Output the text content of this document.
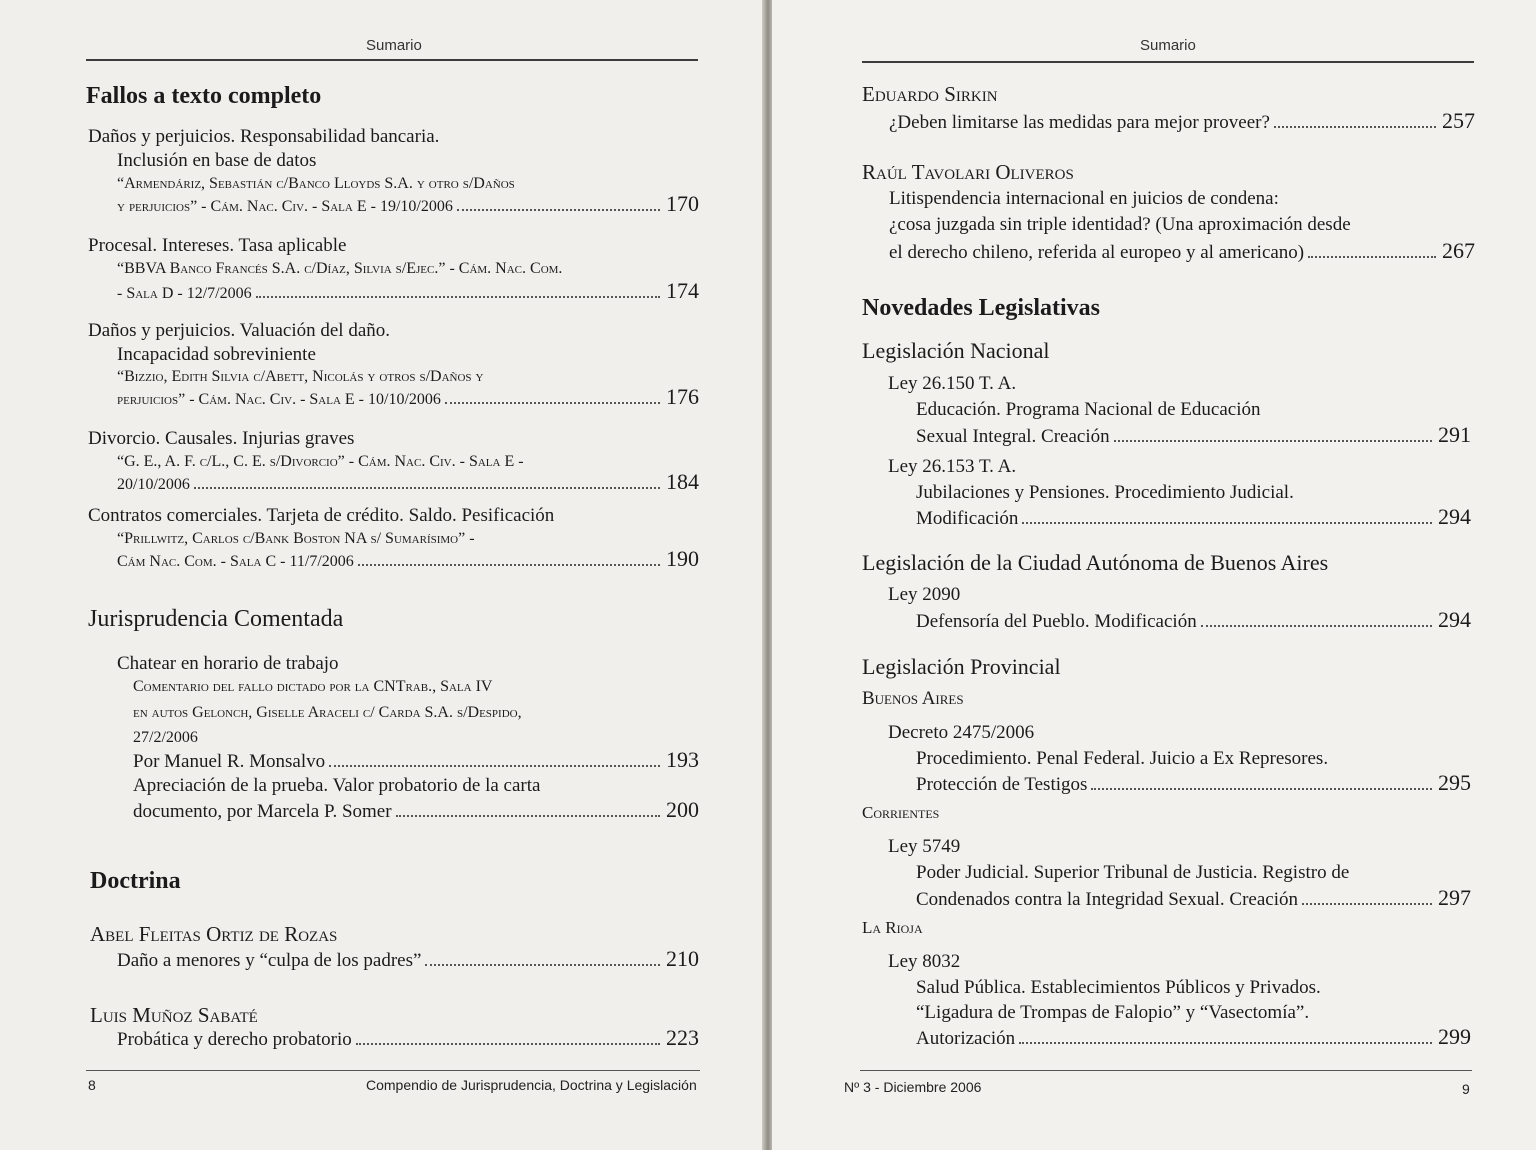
Sumario
Fallos a texto completo
Daños y perjuicios. Responsabilidad bancaria.
Inclusión en base de datos
“Armendáriz, Sebastián c/Banco Lloyds S.A. y otro s/Daños
y perjuicios” - Cám. Nac. Civ. - Sala E - 19/10/2006	170
Procesal. Intereses. Tasa aplicable
“BBVA Banco Francés S.A. c/Díaz, Silvia s/Ejec.” - Cám. Nac. Com.
- Sala D - 12/7/2006	174
Daños y perjuicios. Valuación del daño.
Incapacidad sobreviniente
“Bizzio, Edith Silvia c/Abett, Nicolás y otros s/Daños y
perjuicios” - Cám. Nac. Civ. - Sala E - 10/10/2006	176
Divorcio. Causales. Injurias graves
“G. E., A. F. c/L., C. E. s/Divorcio” - Cám. Nac. Civ. - Sala E -
20/10/2006	184
Contratos comerciales. Tarjeta de crédito. Saldo. Pesificación
“Prillwitz, Carlos c/Bank Boston NA s/ Sumarísimo” -
Cám Nac. Com. - Sala C - 11/7/2006	190
Jurisprudencia Comentada
Chatear en horario de trabajo
Comentario del fallo dictado por la CNTrab., Sala IV
en autos Gelonch, Giselle Araceli c/ Carda S.A. s/Despido,
27/2/2006
Por Manuel R. Monsalvo	193
Apreciación de la prueba. Valor probatorio de la carta
documento, por Marcela P. Somer	200
Doctrina
Abel Fleitas Ortiz de Rozas
Daño a menores y “culpa de los padres”	210
Luis Muñoz Sabaté
Probática y derecho probatorio	223
8	Compendio de Jurisprudencia, Doctrina y Legislación
Sumario
Eduardo Sirkin
¿Deben limitarse las medidas para mejor proveer?	257
Raúl Tavolari Oliveros
Litispendencia internacional en juicios de condena:
¿cosa juzgada sin triple identidad? (Una aproximación desde
el derecho chileno, referida al europeo y al americano)	267
Novedades Legislativas
Legislación Nacional
Ley 26.150 T. A.
Educación. Programa Nacional de Educación
Sexual Integral. Creación	291
Ley 26.153 T. A.
Jubilaciones y Pensiones. Procedimiento Judicial.
Modificación	294
Legislación de la Ciudad Autónoma de Buenos Aires
Ley 2090
Defensoría del Pueblo. Modificación	294
Legislación Provincial
Buenos Aires
Decreto 2475/2006
Procedimiento. Penal Federal. Juicio a Ex Represores.
Protección de Testigos	295
Corrientes
Ley 5749
Poder Judicial. Superior Tribunal de Justicia. Registro de
Condenados contra la Integridad Sexual. Creación	297
La Rioja
Ley 8032
Salud Pública. Establecimientos Públicos y Privados.
“Ligadura de Trompas de Falopio” y “Vasectomía”.
Autorización	299
Nº 3 - Diciembre 2006	9
